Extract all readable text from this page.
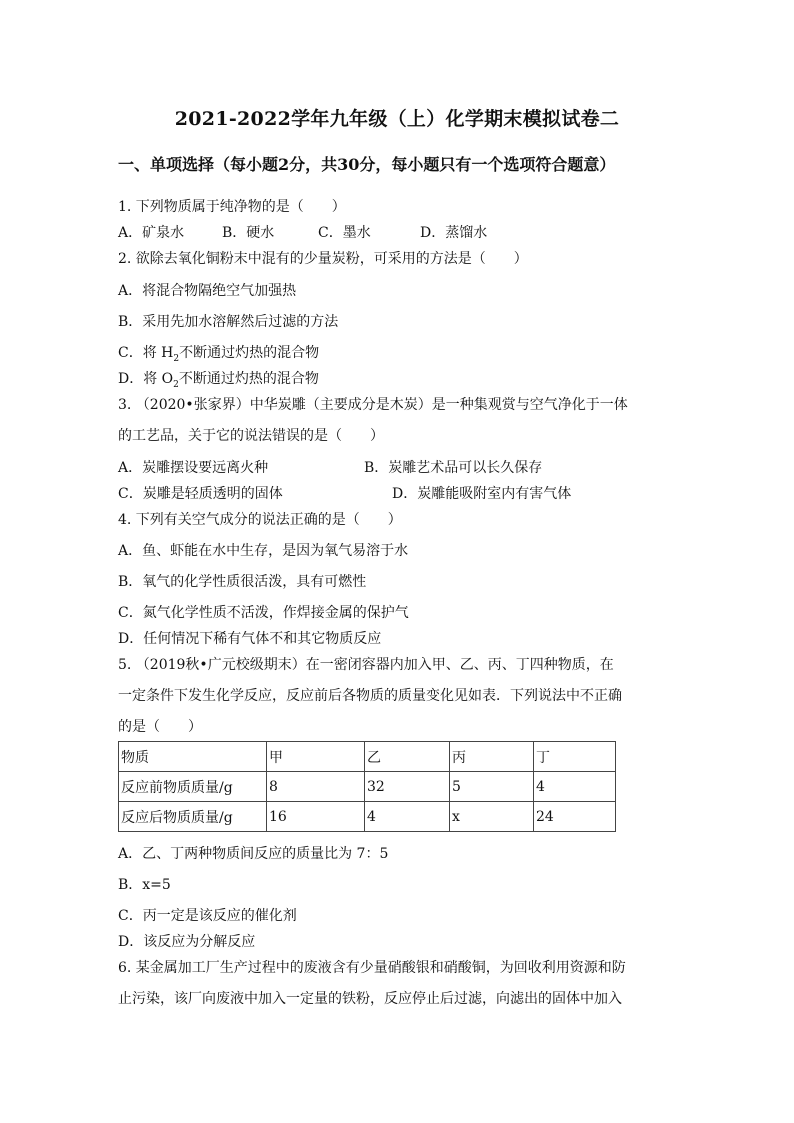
2021-2022学年九年级（上）化学期末模拟试卷二
一、单项选择（每小题2分，共30分，每小题只有一个选项符合题意）
1. 下列物质属于纯净物的是（　　）
A．矿泉水	B．硬水	C．墨水	D．蒸馏水
2. 欲除去氧化铜粉末中混有的少量炭粉，可采用的方法是（　　）
A．将混合物隔绝空气加强热
B．采用先加水溶解然后过滤的方法
C．将 $H_2$不断通过灼热的混合物
D．将 $O_2$不断通过灼热的混合物
3. （2020•张家界）中华炭雕（主要成分是木炭）是一种集观赏与空气净化于一体
的工艺品，关于它的说法错误的是（　　）
A．炭雕摆设要远离火种	B．炭雕艺术品可以长久保存
C．炭雕是轻质透明的固体	D．炭雕能吸附室内有害气体
4. 下列有关空气成分的说法正确的是（　　）
A．鱼、虾能在水中生存，是因为氧气易溶于水
B．氧气的化学性质很活泼，具有可燃性
C．氮气化学性质不活泼，作焊接金属的保护气
D．任何情况下稀有气体不和其它物质反应
5. （2019秋•广元校级期末）在一密闭容器内加入甲、乙、丙、丁四种物质，在
一定条件下发生化学反应，反应前后各物质的质量变化见如表．下列说法中不正确
的是（　　）
物质	甲	乙	丙	丁
反应前物质质量/g	8	32	5	4
反应后物质质量/g	16	4	x	24
A．乙、丁两种物质间反应的质量比为 7：5
B．x=5
C．丙一定是该反应的催化剂
D．该反应为分解反应
6. 某金属加工厂生产过程中的废液含有少量硝酸银和硝酸铜，为回收利用资源和防
止污染，该厂向废液中加入一定量的铁粉，反应停止后过滤，向滤出的固体中加入
